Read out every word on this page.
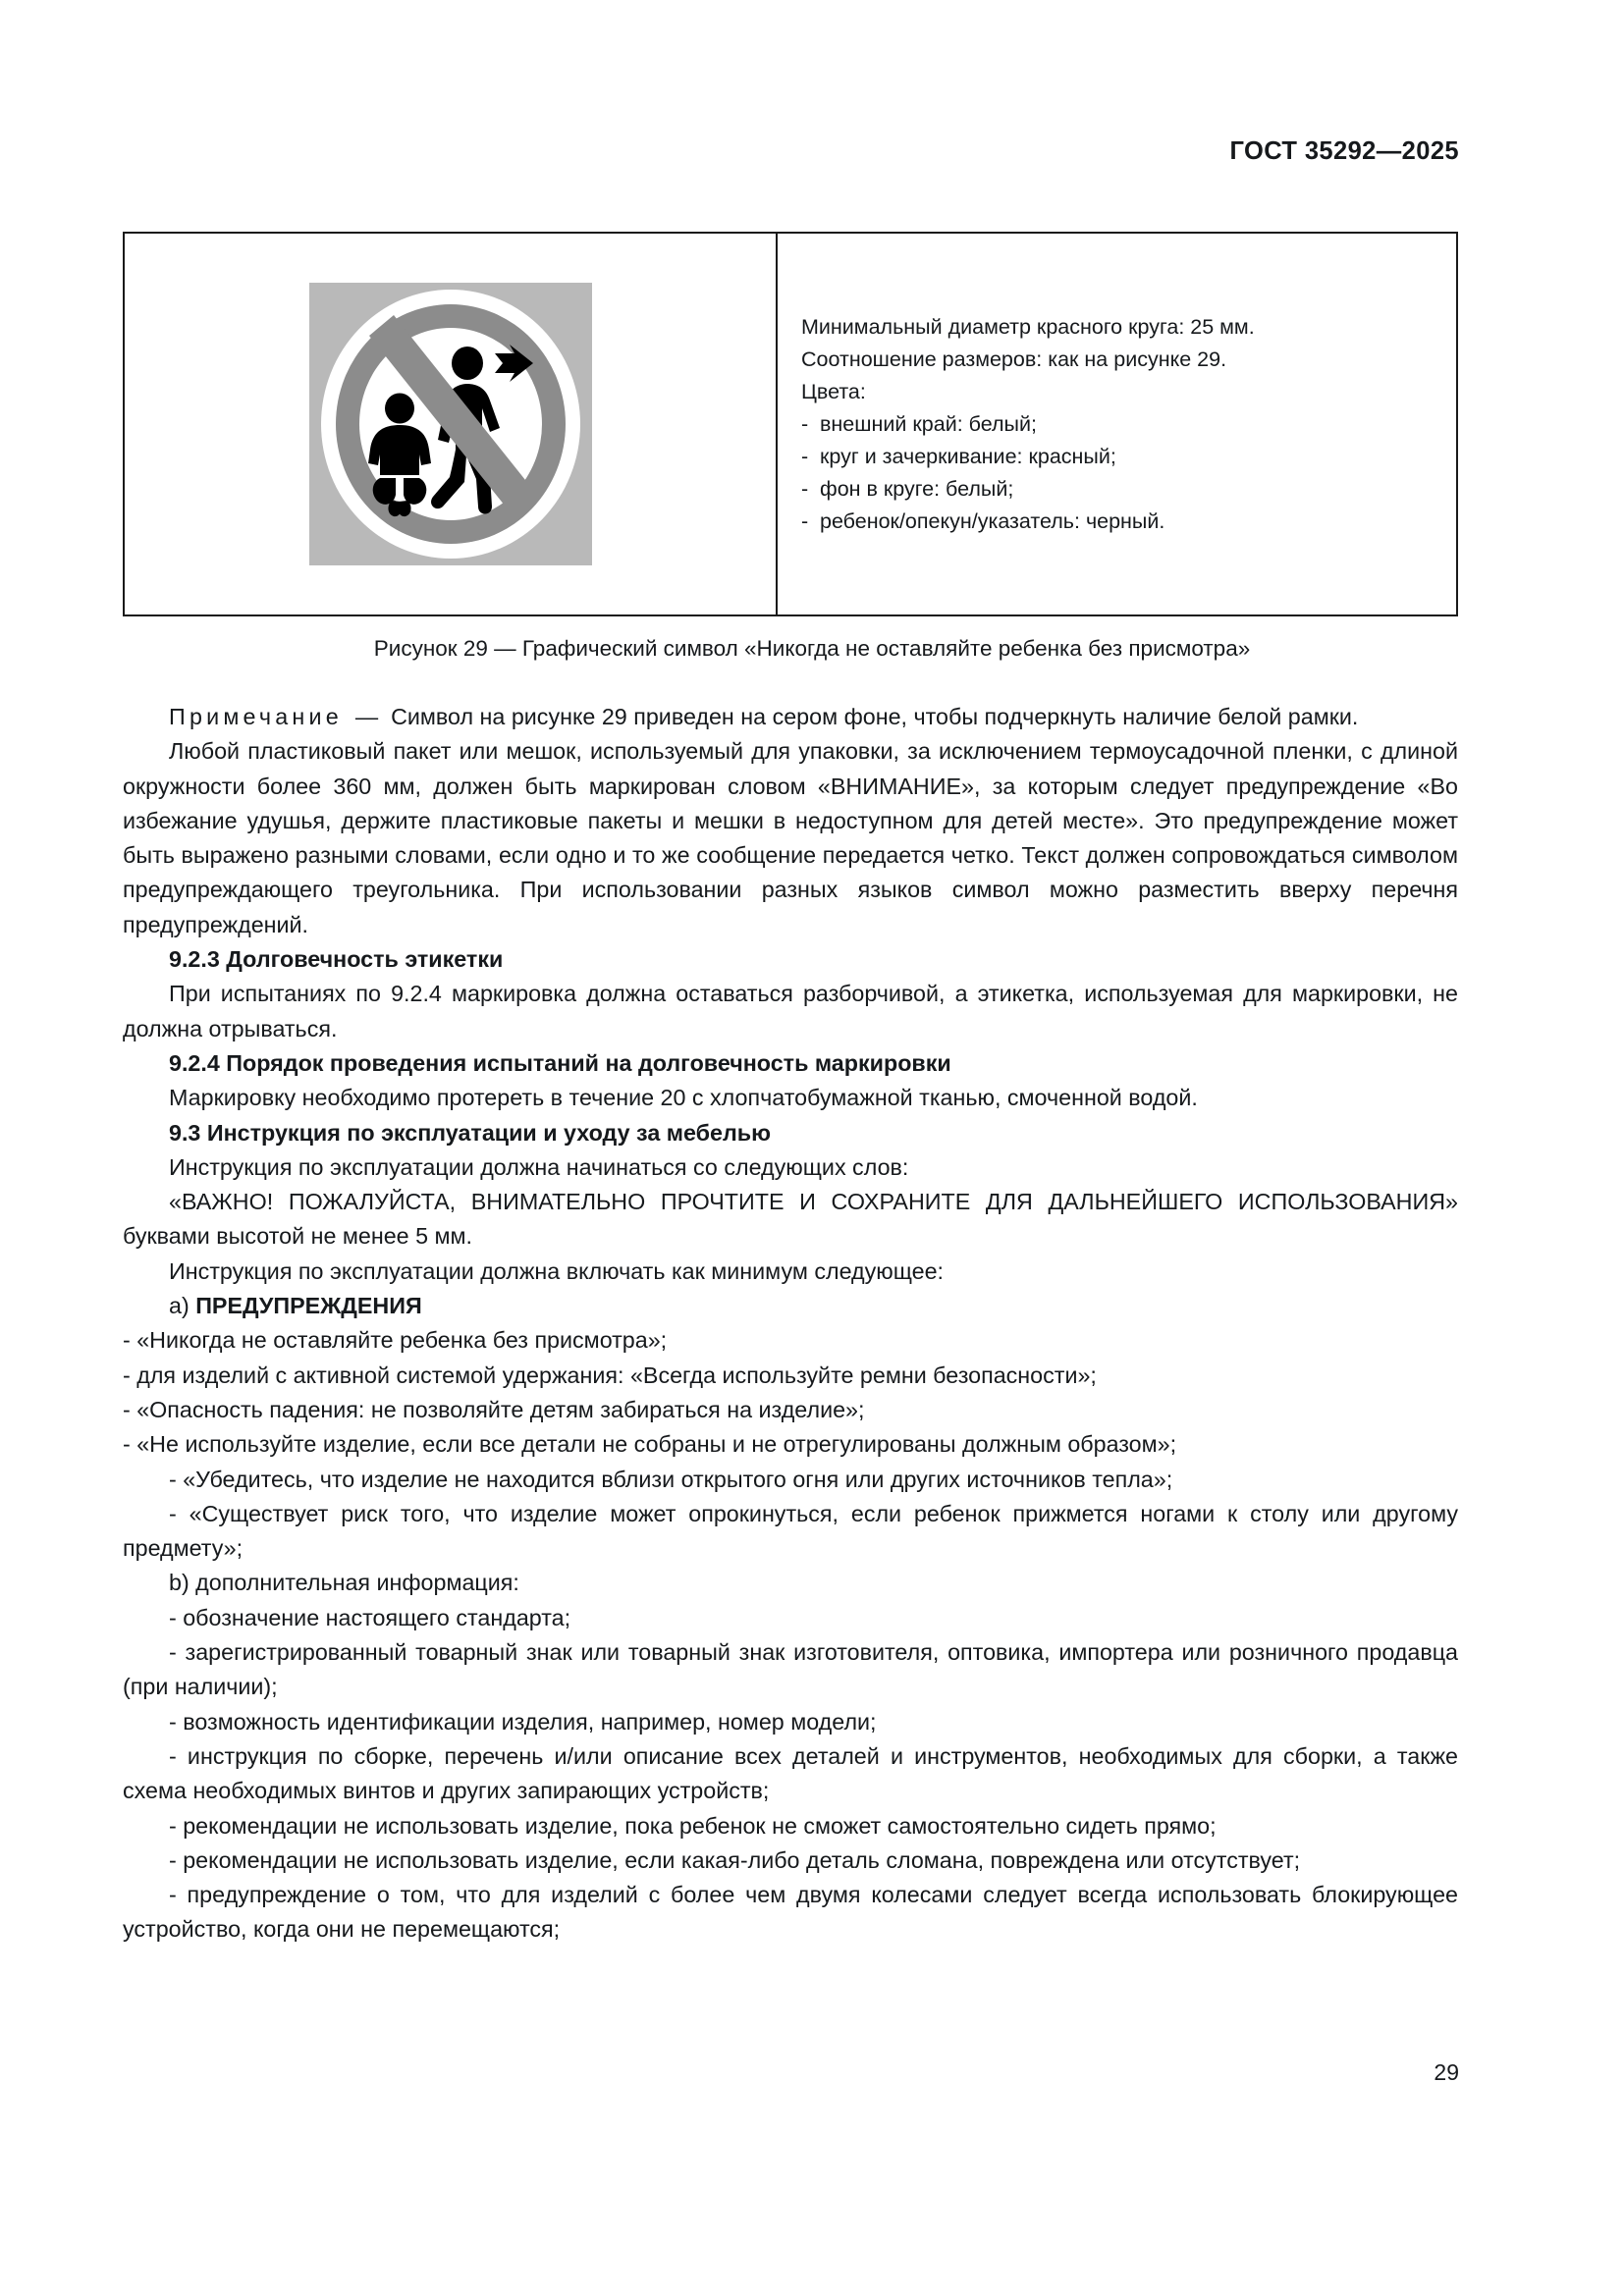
ГОСТ 35292—2025
Минимальный диаметр красного круга: 25 мм.
Соотношение размеров: как на рисунке 29.
Цвета:
- внешний край: белый;
- круг и зачеркивание: красный;
- фон в круге: белый;
- ребенок/опекун/указатель: черный.
Рисунок 29 — Графический символ «Никогда не оставляйте ребенка без присмотра»

Примечание — Символ на рисунке 29 приведен на сером фоне, чтобы подчеркнуть наличие белой рамки.

Любой пластиковый пакет или мешок, используемый для упаковки, за исключением термоусадочной пленки, с длиной окружности более 360 мм, должен быть маркирован словом «ВНИМАНИЕ», за которым следует предупреждение «Во избежание удушья, держите пластиковые пакеты и мешки в недоступном для детей месте». Это предупреждение может быть выражено разными словами, если одно и то же сообщение передается четко. Текст должен сопровождаться символом предупреждающего треугольника. При использовании разных языков символ можно разместить вверху перечня предупреждений.

9.2.3 Долговечность этикетки

При испытаниях по 9.2.4 маркировка должна оставаться разборчивой, а этикетка, используемая для маркировки, не должна отрываться.

9.2.4 Порядок проведения испытаний на долговечность маркировки

Маркировку необходимо протереть в течение 20 с хлопчатобумажной тканью, смоченной водой.

9.3 Инструкция по эксплуатации и уходу за мебелью

Инструкция по эксплуатации должна начинаться со следующих слов:

«ВАЖНО! ПОЖАЛУЙСТА, ВНИМАТЕЛЬНО ПРОЧТИТЕ И СОХРАНИТЕ ДЛЯ ДАЛЬНЕЙШЕГО ИСПОЛЬЗОВАНИЯ» буквами высотой не менее 5 мм.

Инструкция по эксплуатации должна включать как минимум следующее:

а) ПРЕДУПРЕЖДЕНИЯ

- «Никогда не оставляйте ребенка без присмотра»;

- для изделий с активной системой удержания: «Всегда используйте ремни безопасности»;

- «Опасность падения: не позволяйте детям забираться на изделие»;

- «Не используйте изделие, если все детали не собраны и не отрегулированы должным образом»;

- «Убедитесь, что изделие не находится вблизи открытого огня или других источников тепла»;

- «Существует риск того, что изделие может опрокинуться, если ребенок прижмется ногами к столу или другому предмету»;

b) дополнительная информация:

- обозначение настоящего стандарта;

- зарегистрированный товарный знак или товарный знак изготовителя, оптовика, импортера или розничного продавца (при наличии);

- возможность идентификации изделия, например, номер модели;

- инструкция по сборке, перечень и/или описание всех деталей и инструментов, необходимых для сборки, а также схема необходимых винтов и других запирающих устройств;

- рекомендации не использовать изделие, пока ребенок не сможет самостоятельно сидеть прямо;

- рекомендации не использовать изделие, если какая-либо деталь сломана, повреждена или отсутствует;

- предупреждение о том, что для изделий с более чем двумя колесами следует всегда использовать блокирующее устройство, когда они не перемещаются;

29
